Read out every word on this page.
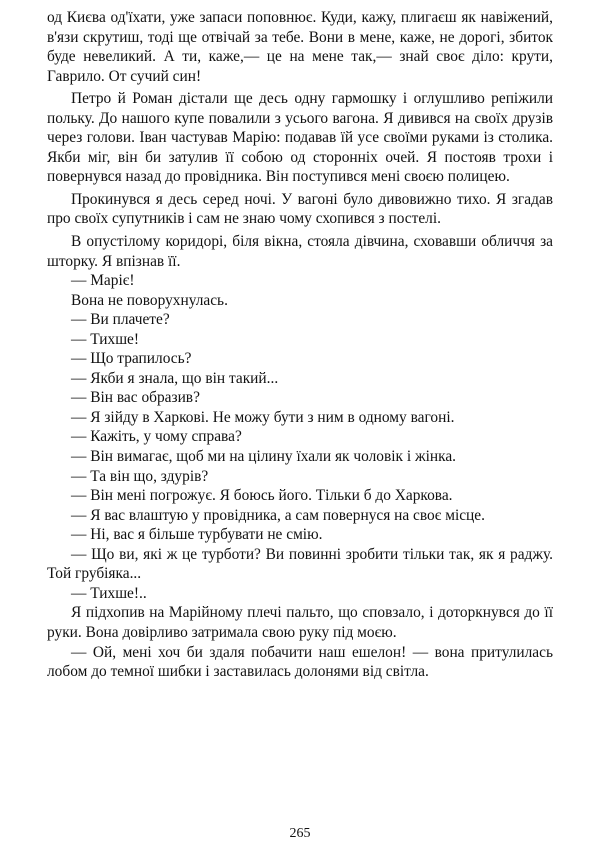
од Києва од'їхати, уже запаси поповнює. Куди, кажу, плигаєш як навіжений, в'язи скрутиш, тоді ще отвічай за тебе. Вони в мене, каже, не дорогі, збиток буде невеликий. А ти, каже,— це на мене так,— знай своє діло: крути, Гаврило. От сучий син!

Петро й Роман дістали ще десь одну гармошку і оглушливо репіжили польку. До нашого купе повалили з усього вагона. Я дивився на своїх друзів через голови. Іван частував Марію: подавав їй усе своїми руками із столика. Якби міг, він би затулив її собою од сторонніх очей. Я постояв трохи і повернувся назад до провідника. Він поступився мені своєю полицею.

Прокинувся я десь серед ночі. У вагоні було дивовижно тихо. Я згадав про своїх супутників і сам не знаю чому схопився з постелі.

В опустілому коридорі, біля вікна, стояла дівчина, сховавши обличчя за шторку. Я впізнав її.

— Маріє!

Вона не поворухнулась.

— Ви плачете?

— Тихше!

— Що трапилось?

— Якби я знала, що він такий...

— Він вас образив?

— Я зійду в Харкові. Не можу бути з ним в одному вагоні.

— Кажіть, у чому справа?

— Він вимагає, щоб ми на цілину їхали як чоловік і жінка.

— Та він що, здурів?

— Він мені погрожує. Я боюсь його. Тільки б до Харкова.

— Я вас влаштую у провідника, а сам повернуся на своє місце.

— Ні, вас я більше турбувати не смію.

— Що ви, які ж це турботи? Ви повинні зробити тільки так, як я раджу. Той грубіяка...

— Тихше!..

Я підхопив на Марійному плечі пальто, що сповзало, і доторкнувся до її руки. Вона довірливо затримала свою руку під моєю.

— Ой, мені хоч би здаля побачити наш ешелон! — вона притулилась лобом до темної шибки і заставилась долонями від світла.

265
